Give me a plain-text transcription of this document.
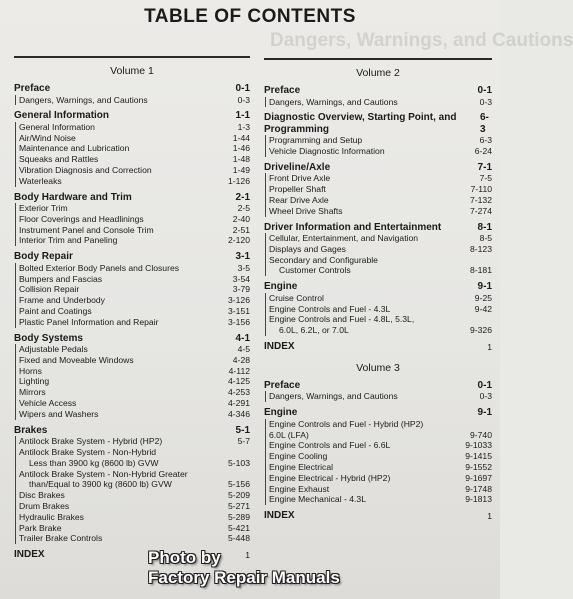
Dangers, Warnings, and Cautions
TABLE OF CONTENTS
Volume 1
Preface	0-1
Dangers, Warnings, and Cautions	0-3
General Information	1-1
General Information	1-3
Air/Wind Noise	1-44
Maintenance and Lubrication	1-46
Squeaks and Rattles	1-48
Vibration Diagnosis and Correction	1-49
Waterleaks	1-126
Body Hardware and Trim	2-1
Exterior Trim	2-5
Floor Coverings and Headlinings	2-40
Instrument Panel and Console Trim	2-51
Interior Trim and Paneling	2-120
Body Repair	3-1
Bolted Exterior Body Panels and Closures	3-5
Bumpers and Fascias	3-54
Collision Repair	3-79
Frame and Underbody	3-126
Paint and Coatings	3-151
Plastic Panel Information and Repair	3-156
Body Systems	4-1
Adjustable Pedals	4-5
Fixed and Moveable Windows	4-28
Horns	4-112
Lighting	4-125
Mirrors	4-253
Vehicle Access	4-291
Wipers and Washers	4-346
Brakes	5-1
Antilock Brake System - Hybrid (HP2)	5-7
Antilock Brake System - Non-Hybrid
Less than 3900 kg (8600 lb) GVW	5-103
Antilock Brake System - Non-Hybrid Greater
than/Equal to 3900 kg (8600 lb) GVW	5-156
Disc Brakes	5-209
Drum Brakes	5-271
Hydraulic Brakes	5-289
Park Brake	5-421
Trailer Brake Controls	5-448
INDEX	1
Volume 2
Preface	0-1
Dangers, Warnings, and Cautions	0-3
Diagnostic Overview, Starting Point, and Programming
6-3
Programming and Setup	6-3
Vehicle Diagnostic Information	6-24
Driveline/Axle	7-1
Front Drive Axle	7-5
Propeller Shaft	7-110
Rear Drive Axle	7-132
Wheel Drive Shafts	7-274
Driver Information and Entertainment	8-1
Cellular, Entertainment, and Navigation	8-5
Displays and Gages	8-123
Secondary and Configurable
Customer Controls	8-181
Engine	9-1
Cruise Control	9-25
Engine Controls and Fuel - 4.3L	9-42
Engine Controls and Fuel - 4.8L, 5.3L,
6.0L, 6.2L, or 7.0L	9-326
INDEX	1
Volume 3
Preface	0-1
Dangers, Warnings, and Cautions	0-3
Engine	9-1
Engine Controls and Fuel - Hybrid (HP2)
6.0L (LFA)	9-740
Engine Controls and Fuel - 6.6L	9-1033
Engine Cooling	9-1415
Engine Electrical	9-1552
Engine Electrical - Hybrid (HP2)	9-1697
Engine Exhaust	9-1748
Engine Mechanical - 4.3L	9-1813
INDEX	1
Photo by
Factory Repair Manuals
